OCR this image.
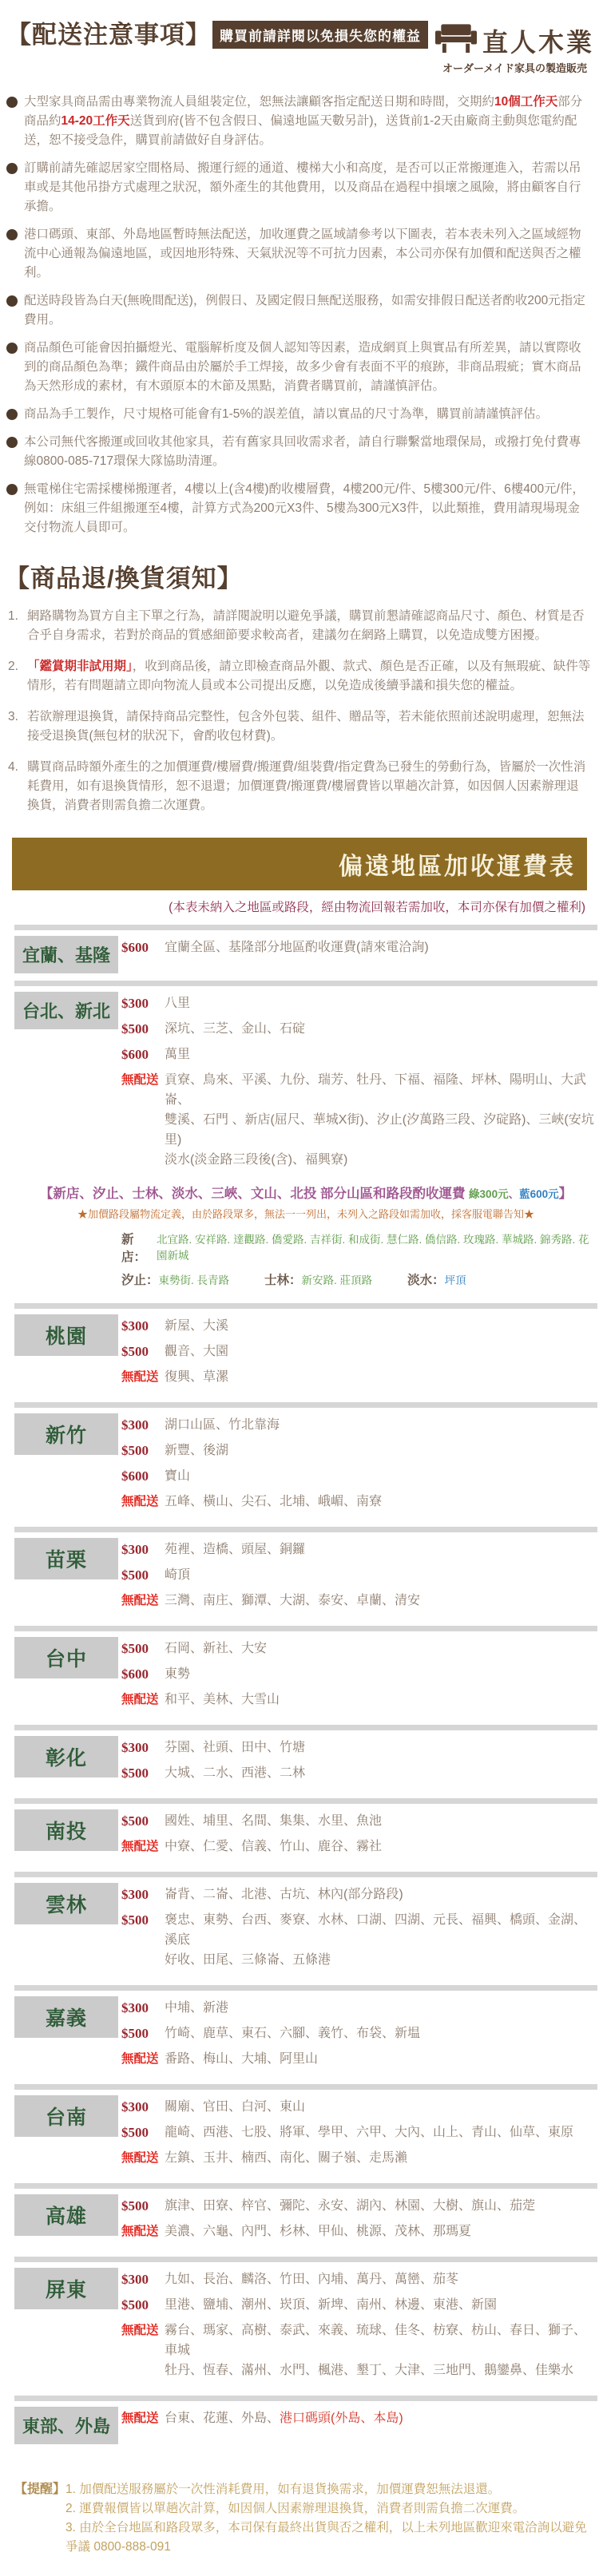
【配送注意事項】 購買前請詳閱以免損失您的權益 直人木業
オーダーメイド家具の製造販売
大型家具商品需由專業物流人員組裝定位，恕無法讓顧客指定配送日期和時間，交期約10個工作天部分商品約14-20工作天送貨到府(皆不包含假日、偏遠地區天數另計)，送貨前1-2天由廠商主動與您電約配送，恕不接受急件，購買前請做好自身評估。
訂購前請先確認居家空間格局、搬運行經的通道、樓梯大小和高度，是否可以正常搬運進入，若需以吊車或是其他吊掛方式處理之狀況，額外產生的其他費用，以及商品在過程中損壞之風險，將由顧客自行承擔。
港口碼頭、東部、外島地區暫時無法配送，加收運費之區域請參考以下圖表，若本表未列入之區域經物流中心通報為偏遠地區，或因地形特殊、天氣狀況等不可抗力因素，本公司亦保有加價和配送與否之權利。
配送時段皆為白天(無晚間配送)，例假日、及國定假日無配送服務，如需安排假日配送者酌收200元指定費用。
商品顏色可能會因拍攝燈光、電腦解析度及個人認知等因素，造成網頁上與實品有所差異，請以實際收到的商品顏色為準；鐵件商品由於屬於手工焊接，故多少會有表面不平的痕跡，非商品瑕疵；實木商品為天然形成的素材，有木頭原本的木節及黑點，消費者購買前，請謹慎評估。
商品為手工製作，尺寸規格可能會有1-5%的誤差值，請以實品的尺寸為準，購買前請謹慎評估。
本公司無代客搬運或回收其他家具，若有舊家具回收需求者，請自行聯繫當地環保局，或撥打免付費專線0800-085-717環保大隊協助清運。
無電梯住宅需採樓梯搬運者，4樓以上(含4樓)酌收樓層費，4樓200元/件、5樓300元/件、6樓400元/件，例如：床組三件組搬運至4樓，計算方式為200元X3件、5樓為300元X3件，以此類推，費用請現場現金交付物流人員即可。
【商品退/換貨須知】
1. 網路購物為買方自主下單之行為，請詳閱說明以避免爭議，購買前懇請確認商品尺寸、顏色、材質是否合乎自身需求，若對於商品的質感細節要求較高者，建議勿在網路上購買，以免造成雙方困擾。
2. 「鑑賞期非試用期」，收到商品後，請立即檢查商品外觀、款式、顏色是否正確，以及有無瑕疵、缺件等情形，若有問題請立即向物流人員或本公司提出反應，以免造成後續爭議和損失您的權益。
3. 若欲辦理退換貨，請保持商品完整性，包含外包裝、組件、贈品等，若未能依照前述說明處理，恕無法接受退換貨(無包材的狀況下，會酌收包材費)。
4. 購買商品時額外產生的之加價運費/樓層費/搬運費/組裝費/指定費為已發生的勞動行為，皆屬於一次性消耗費用，如有退換貨情形，恕不退還；加價運費/搬運費/樓層費皆以單趟次計算，如因個人因素辦理退換貨，消費者則需負擔二次運費。
偏遠地區加收運費表
(本表未納入之地區或路段，經由物流回報若需加收，本司亦保有加價之權利)
宜蘭、基隆 $600	宜蘭全區、基隆部分地區酌收運費(請來電洽詢)
台北、新北 $300	八里
$500	深坑、三芝、金山、石碇
$600	萬里
無配送 貢寮、鳥來、平溪、九份、瑞芳、牡丹、下福、福隆、坪林、陽明山、大武崙、
雙溪、石門 、新店(屈尺、華城X街)、汐止(汐萬路三段、汐碇路)、三峽(安坑里)
淡水(淡金路三段後(含)、福興寮)
【新店、汐止、士林、淡水、三峽、文山、北投 部分山區和路段酌收運費 綠300元、藍600元】
★加價路段屬物流定義，由於路段眾多，無法一一列出，未列入之路段如需加收，採客服電聯告知★
新店：
北宜路. 安祥路. 達觀路. 僑愛路. 吉祥街. 和成街. 慧仁路. 僑信路. 玫瑰路. 華城路. 錦秀路. 花園新城
汐止： 東勢街. 長青路	士林： 新安路. 莊頂路	淡水： 坪頂
桃園	$300	新屋、大溪
$500	觀音、大園
無配送 復興、草漯
新竹	$300	湖口山區、竹北靠海
$500	新豐、後湖
$600	寶山
無配送 五峰、橫山、尖石、北埔、峨嵋、南寮
苗栗	$300	苑裡、造橋、頭屋、銅鑼
$500	崎頂
無配送 三灣、南庄、獅潭、大湖、泰安、卓蘭、清安
台中	$500	石岡、新社、大安
$600	東勢
無配送 和平、美林、大雪山
彰化	$300	芬園、社頭、田中、竹塘
$500	大城、二水、西港、二林
南投	$500	國姓、埔里、名間、集集、水里、魚池
無配送 中寮、仁愛、信義、竹山、鹿谷、霧社
雲林	$300	崙背、二崙、北港、古坑、林內(部分路段)
$500	褒忠、東勢、台西、麥寮、水林、口湖、四湖、元長、福興、橋頭、金湖、溪底
好收、田尾、三條崙、五條港
嘉義	$300	中埔、新港
$500	竹崎、鹿草、東石、六腳、義竹、布袋、新塭
無配送 番路、梅山、大埔、阿里山
台南	$300	關廟、官田、白河、東山
$500	龍崎、西港、七股、將軍、學甲、六甲、大內、山上、青山、仙草、東原
無配送 左鎮、玉井、楠西、南化、關子嶺、走馬瀨
高雄	$500	旗津、田寮、梓官、彌陀、永安、湖內、林園、大樹、旗山、茄萣
無配送 美濃、六龜、內門、杉林、甲仙、桃源、茂林、那瑪夏
屏東	$300	九如、長治、麟洛、竹田、內埔、萬丹、萬巒、茄苳
$500	里港、鹽埔、潮州、崁頂、新埤、南州、林邊、東港、新園
無配送 霧台、瑪家、高樹、泰武、來義、琉球、佳冬、枋寮、枋山、春日、獅子、車城
牡丹、恆春、滿州、水門、楓港、墾丁、大津、三地門、鵝鑾鼻、佳樂水
東部、外島 無配送 台東、花蓮、外島、港口碼頭(外島、本島)
【提醒】 1. 加價配送服務屬於一次性消耗費用，如有退貨換需求，加價運費恕無法退還。
2. 運費報價皆以單趟次計算，如因個人因素辦理退換貨，消費者則需負擔二次運費。
3. 由於全台地區和路段眾多，本司保有最終出貨與否之權利，以上未列地區歡迎來電洽詢以避免爭議 0800-888-091
